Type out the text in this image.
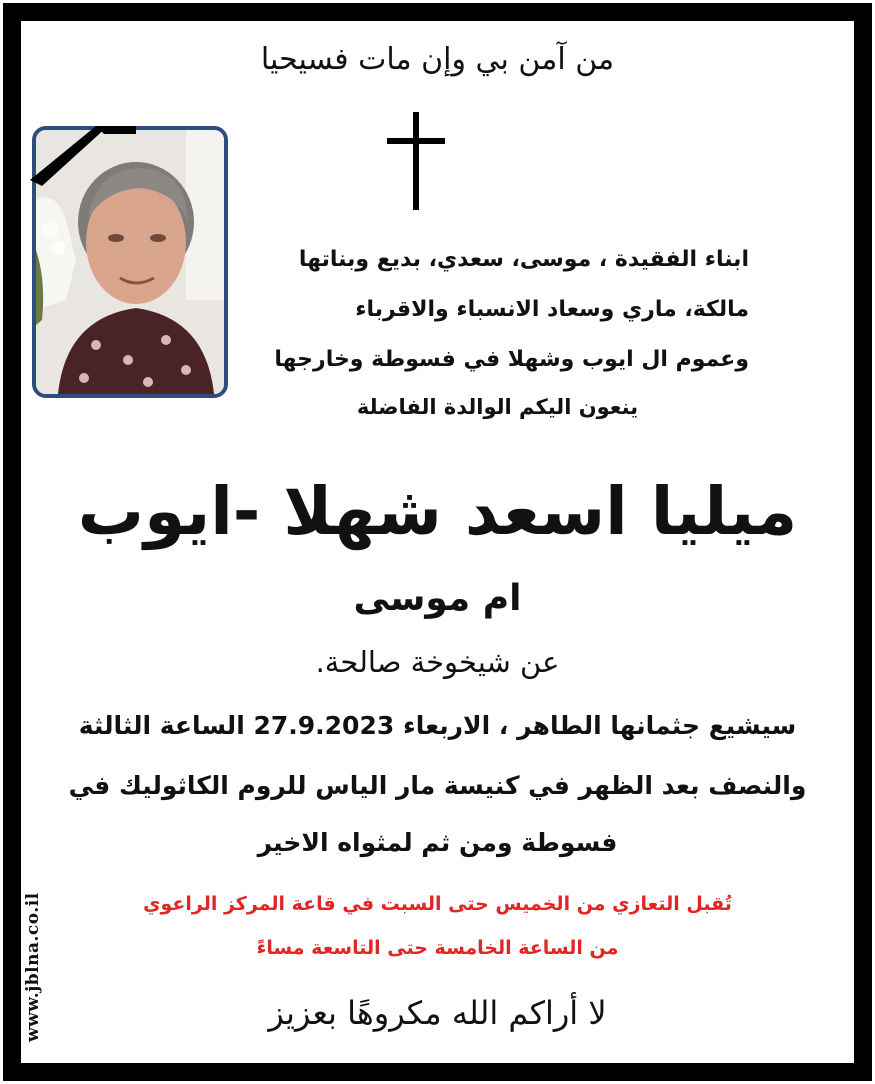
من آمن بي وإن مات فسيحيا
ابناء الفقيدة ، موسى، سعدي، بديع وبناتها
مالكة، ماري وسعاد الانسباء والاقرباء
وعموم ال ايوب وشهلا في فسوطة وخارجها
ينعون اليكم الوالدة الفاضلة
ميليا اسعد شهلا -ايوب
ام موسى
عن شيخوخة صالحة.
سيشيع جثمانها الطاهر ، الاربعاء 27.9.2023 الساعة الثالثة
والنصف بعد الظهر في كنيسة مار الياس للروم الكاثوليك في
فسوطة ومن ثم لمثواه الاخير
تُقبل التعازي من الخميس حتى السبت في قاعة المركز الراعوي
من الساعة الخامسة حتى التاسعة مساءً
لا أراكم الله مكروهًا بعزيز
www.jblna.co.il
